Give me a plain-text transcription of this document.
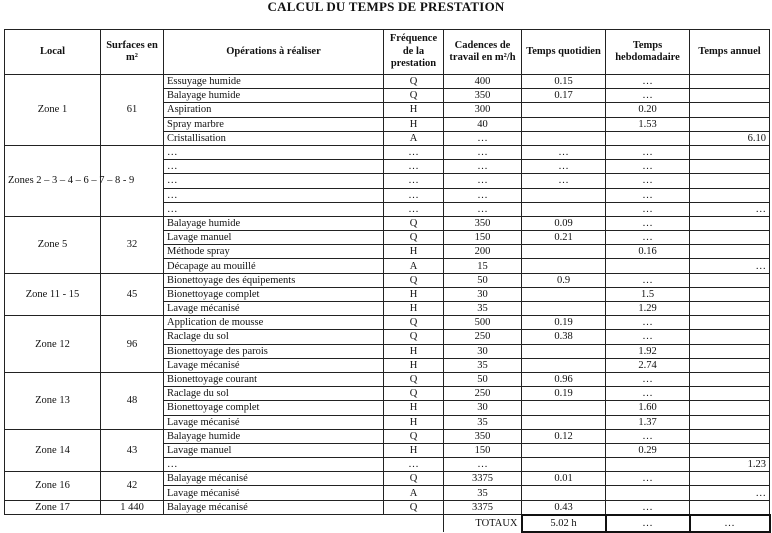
CALCUL DU TEMPS DE PRESTATION
Local	Surfaces en m²	Opérations à réaliser	Fréquence de la prestation	Cadences de travail en m²/h	Temps quotidien	Temps hebdomadaire	Temps annuel
Zone 1	61	Essuyage humide	Q	400	0.15	…	
		Balayage humide	Q	350	0.17	…	
		Aspiration	H	300		0.20	
		Spray marbre	H	40		1.53	
		Cristallisation	A	…			6.10
Zones 2 – 3 – 4 – 6 – 7 – 8 - 9		…	…	…	…	…	
		…	…	…	…	…	
		…	…	…	…	…	
		…	…	…		…	
		…	…	…		…	…
Zone 5	32	Balayage humide	Q	350	0.09	…	
		Lavage manuel	Q	150	0.21	…	
		Méthode spray	H	200		0.16	
		Décapage au mouillé	A	15			…
Zone 11 - 15	45	Bionettoyage des équipements	Q	50	0.9	…	
		Bionettoyage complet	H	30		1.5	
		Lavage mécanisé	H	35		1.29	
Zone 12	96	Application de mousse	Q	500	0.19	…	
		Raclage du sol	Q	250	0.38	…	
		Bionettoyage des parois	H	30		1.92	
		Lavage mécanisé	H	35		2.74	
Zone 13	48	Bionettoyage courant	Q	50	0.96	…	
		Raclage du sol	Q	250	0.19	…	
		Bionettoyage complet	H	30		1.60	
		Lavage mécanisé	H	35		1.37	
Zone 14	43	Balayage humide	Q	350	0.12	…	
		Lavage manuel	H	150		0.29	
		…	…	…			1.23
Zone 16	42	Balayage mécanisé	Q	3375	0.01	…	
		Lavage mécanisé	A	35			…
Zone 17	1 440	Balayage mécanisé	Q	3375	0.43	…	
				TOTAUX	5.02 h	…	…
